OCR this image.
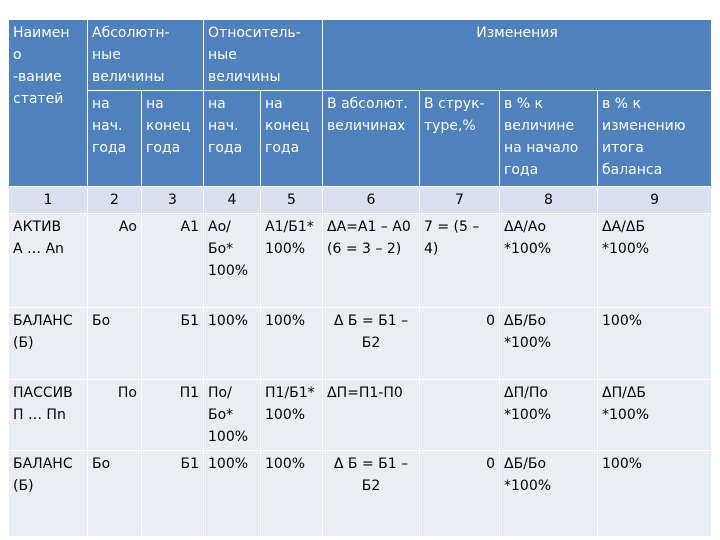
Наимен
о
-вание
статей	Абсолютн-
ные
величины		Относитель-
ные
величины		Изменения			
	на
нач.
года	на
конец
года	на
нач.
года	на
конец
года	В абсолют.
величинах	В струк-
туре,%	в % к
величине
на начало
года	в % к
изменению
итога
баланса
1	2	3	4	5	6	7	8	9
АКТИВ
А … Аn	Ао	А1	Ао/
Бо*
100%	А1/Б1*
100%	ΔА=А1 – А0
(6 = 3 – 2)	7 = (5 –
4)	ΔА/Ао
*100%	ΔА/ΔБ
*100%
БАЛАНС
(Б)	Бо	Б1	100%	100%	Δ Б = Б1 –
Б2	0	ΔБ/Бо
*100%	100%
ПАССИВ
П … Пn	По	П1	По/
Бо*
100%	П1/Б1*
100%	ΔП=П1-П0		ΔП/По
*100%	ΔП/ΔБ
*100%
БАЛАНС
(Б)	Бо	Б1	100%	100%	Δ Б = Б1 –
Б2	0	ΔБ/Бо
*100%	100%
